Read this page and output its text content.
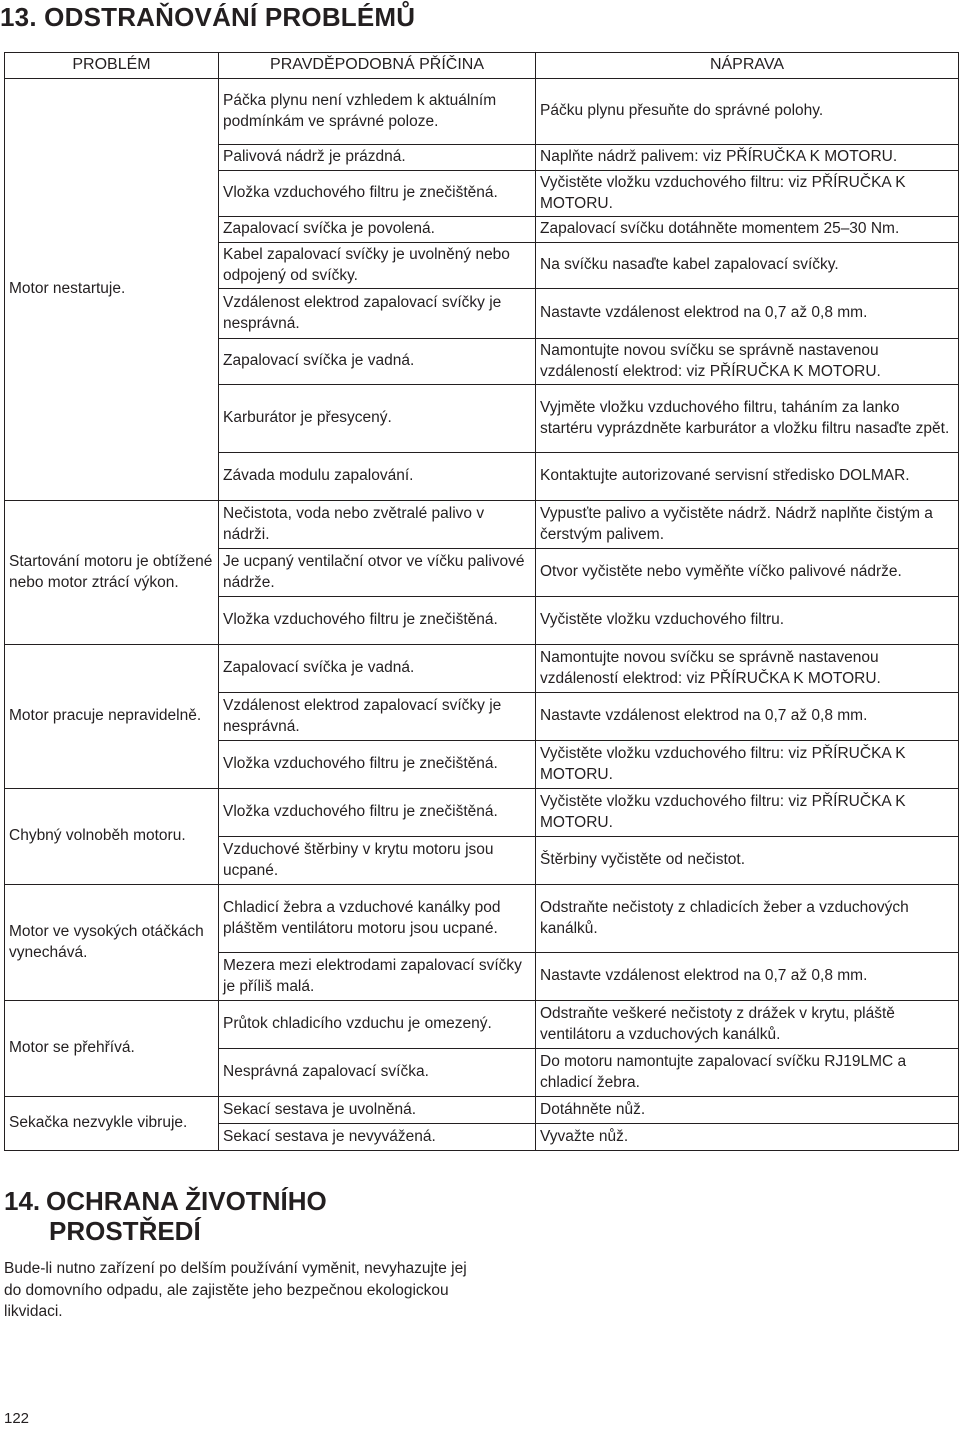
13. ODSTRAŇOVÁNÍ PROBLÉMŮ
PROBLÉM	PRAVDĚPODOBNÁ PŘÍČINA	NÁPRAVA
Motor nestartuje.	Páčka plynu není vzhledem k aktuálním podmínkám ve správné poloze.	Páčku plynu přesuňte do správné polohy.
	Palivová nádrž je prázdná.	Naplňte nádrž palivem: viz PŘÍRUČKA K MOTORU.
	Vložka vzduchového filtru je znečištěná.	Vyčistěte vložku vzduchového filtru: viz PŘÍRUČKA K MOTORU.
	Zapalovací svíčka je povolená.	Zapalovací svíčku dotáhněte momentem 25–30 Nm.
	Kabel zapalovací svíčky je uvolněný nebo odpojený od svíčky.	Na svíčku nasaďte kabel zapalovací svíčky.
	Vzdálenost elektrod zapalovací svíčky je nesprávná.	Nastavte vzdálenost elektrod na 0,7 až 0,8 mm.
	Zapalovací svíčka je vadná.	Namontujte novou svíčku se správně nastavenou vzdáleností elektrod: viz PŘÍRUČKA K MOTORU.
	Karburátor je přesycený.	Vyjměte vložku vzduchového filtru, taháním za lanko startéru vyprázdněte karburátor a vložku filtru nasaďte zpět.
	Závada modulu zapalování.	Kontaktujte autorizované servisní středisko DOLMAR.
Startování motoru je obtížené nebo motor ztrácí výkon.	Nečistota, voda nebo zvětralé palivo v nádrži.	Vypusťte palivo a vyčistěte nádrž. Nádrž naplňte čistým a čerstvým palivem.
	Je ucpaný ventilační otvor ve víčku palivové nádrže.	Otvor vyčistěte nebo vyměňte víčko palivové nádrže.
	Vložka vzduchového filtru je znečištěná.	Vyčistěte vložku vzduchového filtru.
Motor pracuje nepravidelně.	Zapalovací svíčka je vadná.	Namontujte novou svíčku se správně nastavenou vzdáleností elektrod: viz PŘÍRUČKA K MOTORU.
	Vzdálenost elektrod zapalovací svíčky je nesprávná.	Nastavte vzdálenost elektrod na 0,7 až 0,8 mm.
	Vložka vzduchového filtru je znečištěná.	Vyčistěte vložku vzduchového filtru: viz PŘÍRUČKA K MOTORU.
Chybný volnoběh motoru.	Vložka vzduchového filtru je znečištěná.	Vyčistěte vložku vzduchového filtru: viz PŘÍRUČKA K MOTORU.
	Vzduchové štěrbiny v krytu motoru jsou ucpané.	Štěrbiny vyčistěte od nečistot.
Motor ve vysokých otáčkách vynechává.	Chladicí žebra a vzduchové kanálky pod pláštěm ventilátoru motoru jsou ucpané.	Odstraňte nečistoty z chladicích žeber a vzduchových kanálků.
	Mezera mezi elektrodami zapalovací svíčky je příliš malá.	Nastavte vzdálenost elektrod na 0,7 až 0,8 mm.
Motor se přehřívá.	Průtok chladicího vzduchu je omezený.	Odstraňte veškeré nečistoty z drážek v krytu, pláště ventilátoru a vzduchových kanálků.
	Nesprávná zapalovací svíčka.	Do motoru namontujte zapalovací svíčku RJ19LMC a chladicí žebra.
Sekačka nezvykle vibruje.	Sekací sestava je uvolněná.	Dotáhněte nůž.
	Sekací sestava je nevyvážená.	Vyvažte nůž.
14. OCHRANA ŽIVOTNÍHO
PROSTŘEDÍ

Bude-li nutno zařízení po delším používání vyměnit, nevyhazujte jej do domovního odpadu, ale zajistěte jeho bezpečnou ekologickou likvidaci.

122
